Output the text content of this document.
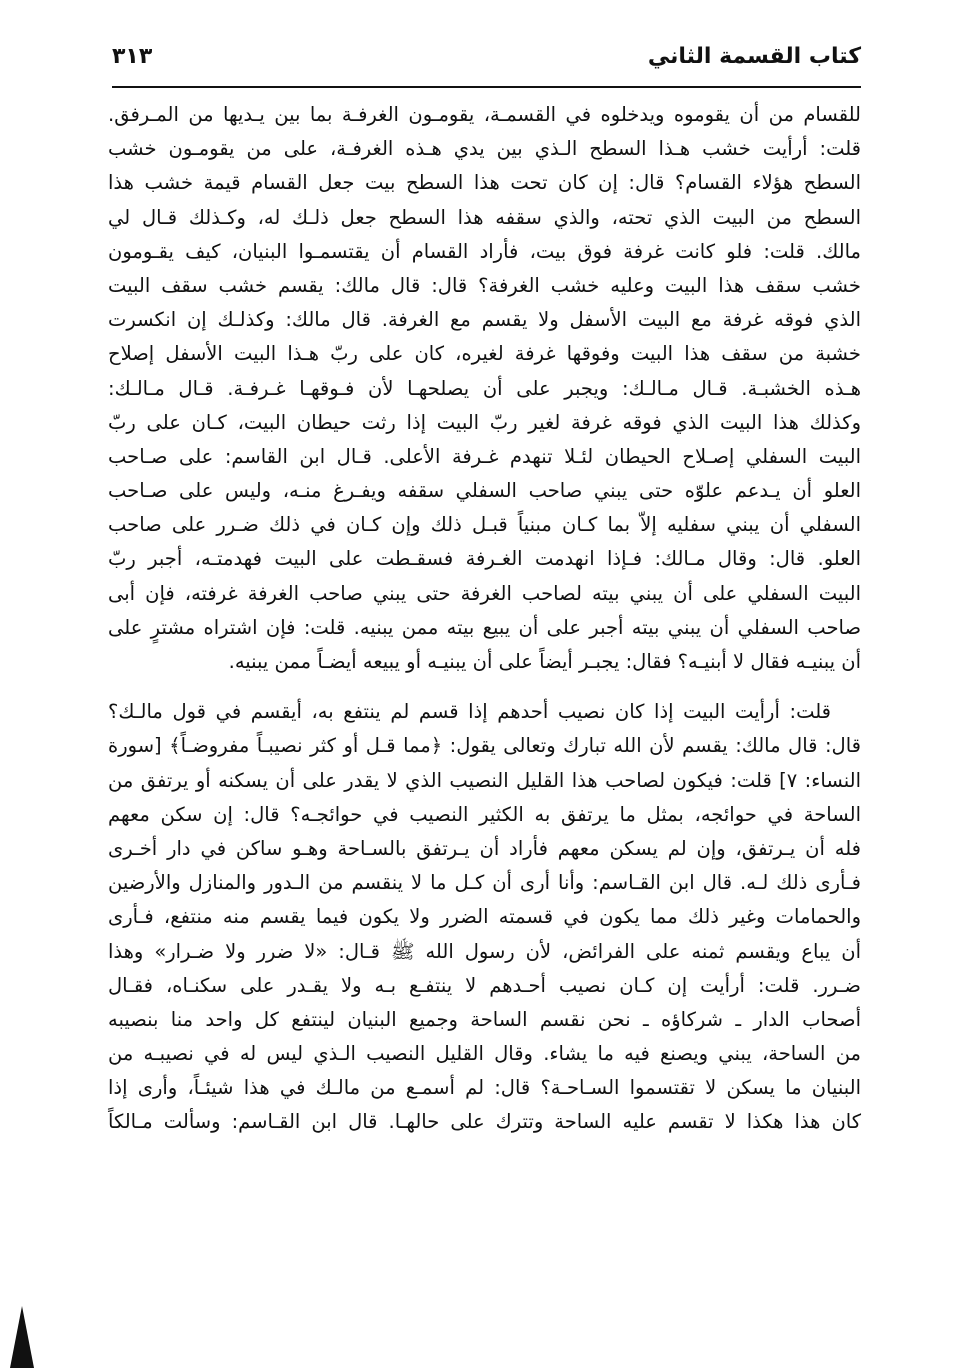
كتاب القسمة الثاني
٣١٣
للقسام من أن يقوموه ويدخلوه في القسمـة، يقومـون الغرفـة بما بين يـديها من المـرفق.
قلت: أرأيت خشب هـذا السطح الـذي بين يدي هـذه الغرفـة، على من يقومـون خشب
السطح هؤلاء القسام؟ قال: إن كان تحت هذا السطح بيت جعل القسام قيمة خشب هذا
السطح من البيت الذي تحته، والذي سقفه هذا السطح جعل ذلـك له، وكـذلك قـال لي
مالك. قلت: فلو كانت غرفة فوق بيت، فأراد القسام أن يقتسمـوا البنيان، كيف يقـومون
خشب سقف هذا البيت وعليه خشب الغرفة؟ قال: قال مالك: يقسم خشب سقف البيت
الذي فوقه غرفة مع البيت الأسفل ولا يقسم مع الغرفة. قال مالك: وكذلـك إن انكسرت
خشبة من سقف هذا البيت وفوقها غرفة لغيره، كان على ربّ هـذا البيت الأسفل إصلاح
هـذه الخشبـة. قـال مـالـك: ويجبر على أن يصلحهـا لأن فـوقهـا غـرفـة. قـال مـالـك:
وكذلك هذا البيت الذي فوقه غرفة لغير ربّ البيت إذا رثت حيطان البيت، كـان على ربّ
البيت السفلي إصـلاح الحيطان لئـلا تنهدم غـرفة الأعلى. قـال ابن القاسم: على صـاحب
العلو أن يـدعم علوّه حتى يبني صاحب السفلي سقفه ويفـرغ منـه، وليس على صـاحب
السفلي أن يبني سفليه إلاّ بما كـان مبنياً قبـل ذلك وإن كـان في ذلك ضـرر على صاحب
العلو. قال: وقال مـالك: فـإذا انهدمت الغـرفة فسقـطت على البيت فهدمتـه، أجبر ربّ
البيت السفلي على أن يبني بيته لصاحب الغرفة حتى يبني صاحب الغرفة غرفته، فإن أبى
صاحب السفلي أن يبني بيته أجبر على أن يبيع بيته ممن يبنيه. قلت: فإن اشتراه مشترٍ على
أن يبنيـه فقال لا أبنيـه؟ فقال: يجبـر أيضاً على أن يبنيـه أو يبيعه أيضـاً ممن يبنيه.
قلت: أرأيت البيت إذا كان نصيب أحدهم إذا قسم لم ينتفع به، أيقسم في قول مالـك؟
قال: قال مالك: يقسم لأن الله تبارك وتعالى يقول: ﴿مما قـل أو كثر نصيبـاً مفروضـاً﴾ [سورة
النساء: ٧] قلت: فيكون لصاحب هذا القليل النصيب الذي لا يقدر على أن يسكنه أو يرتفق من
الساحة في حوائجه، بمثل ما يرتفق به الكثير النصيب في حوائجـه؟ قال: إن سكن معهم
فله أن يـرتفق، وإن لم يسكن معهم فأراد أن يـرتفق بالسـاحة وهـو ساكن في دار أخـرى
فـأرى ذلك لـه. قال ابن القـاسم: وأنا أرى أن كـل ما لا ينقسم من الـدور والمنازل والأرضين
والحمامات وغير ذلك مما يكون في قسمته الضرر ولا يكون فيما يقسم منه منتفع، فـأرى
أن يباع ويقسم ثمنه على الفرائض، لأن رسول الله ﷺ قـال: «لا ضرر ولا ضـرار» وهذا
ضـرر. قلت: أرأيت إن كـان نصيب أحـدهم لا ينتفـع بـه ولا يقـدر على سكنـاه، فقـال
أصحاب الدار ـ شركاؤه ـ نحن نقسم الساحة وجميع البنيان لينتفع كل واحد منا بنصيبه
من الساحة، يبني ويصنع فيه ما يشاء. وقال القليل النصيب الـذي ليس له في نصيبـه من
البنيان ما يسكن لا تقتسموا السـاحـة؟ قال: لم أسمـع من مالـك في هذا شيئـاً، وأرى إذا
كان هذا هكذا لا تقسم عليه الساحة وتترك على حالهـا. قال ابن القـاسم: وسألت مـالكاً
